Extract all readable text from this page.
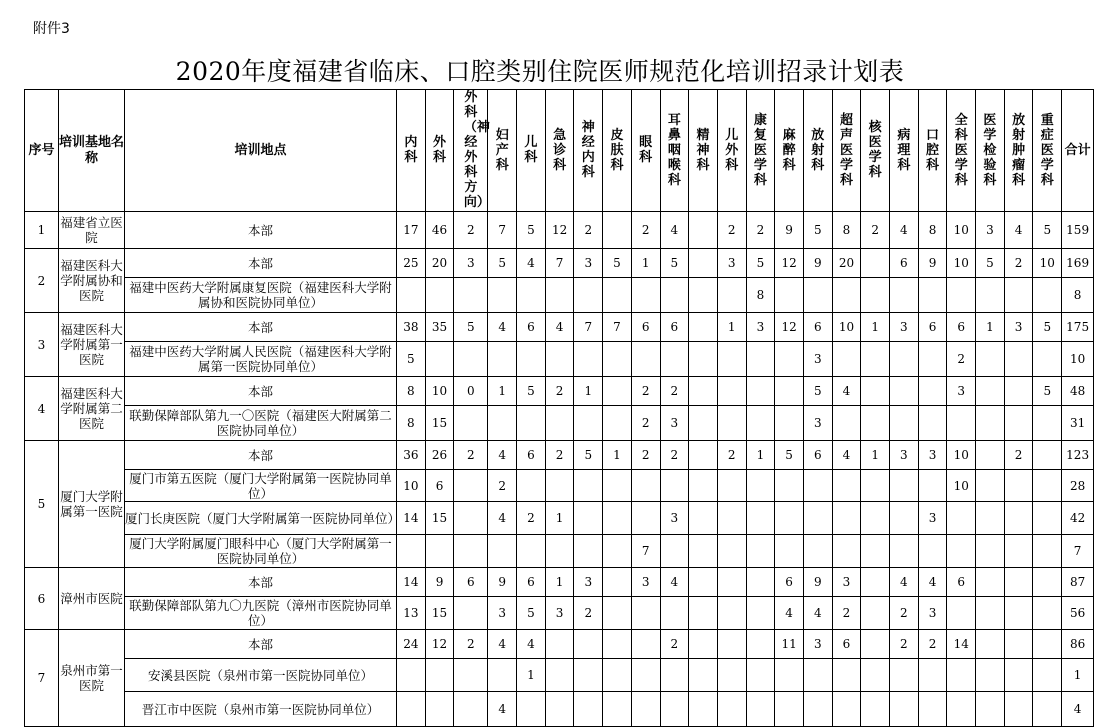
附件3
2020年度福建省临床、口腔类别住院医师规范化培训招录计划表
序号	培训基地名称	培训地点	内科	外科	外科（神经外科方向）	妇产科	儿科	急诊科	神经内科	皮肤科	眼科	耳鼻咽喉科	精神科	儿外科	康复医学科	麻醉科	放射科	超声医学科	核医学科	病理科	口腔科	全科医学科	医学检验科	放射肿瘤科	重症医学科	合计
1	福建省立医院	本部	17	46	2	7	5	12	2		2	4		2	2	9	5	8	2	4	8	10	3	4	5	159
2	福建医科大学附属协和医院	本部	25	20	3	5	4	7	3	5	1	5		3	5	12	9	20		6	9	10	5	2	10	169
		福建中医药大学附属康复医院（福建医科大学附属协和医院协同单位）													8											8
3	福建医科大学附属第一医院	本部	38	35	5	4	6	4	7	7	6	6		1	3	12	6	10	1	3	6	6	1	3	5	175
		福建中医药大学附属人民医院（福建医科大学附属第一医院协同单位）	5														3					2				10
4	福建医科大学附属第二医院	本部	8	10	0	1	5	2	1		2	2					5	4				3			5	48
		联勤保障部队第九一〇医院（福建医大附属第二医院协同单位）	8	15							2	3					3									31
5	厦门大学附属第一医院	本部	36	26	2	4	6	2	5	1	2	2		2	1	5	6	4	1	3	3	10		2		123
		厦门市第五医院（厦门大学附属第一医院协同单位）	10	6		2																10				28
		厦门长庚医院（厦门大学附属第一医院协同单位）	14	15		4	2	1				3									3					42
		厦门大学附属厦门眼科中心（厦门大学附属第一医院协同单位）									7															7
6	漳州市医院	本部	14	9	6	9	6	1	3		3	4				6	9	3		4	4	6				87
		联勤保障部队第九〇九医院（漳州市医院协同单位）	13	15		3	5	3	2							4	4	2		2	3					56
7	泉州市第一医院	本部	24	12	2	4	4					2				11	3	6		2	2	14				86
		安溪县医院（泉州市第一医院协同单位）					1																			1
		晋江市中医院（泉州市第一医院协同单位）				4																				4
